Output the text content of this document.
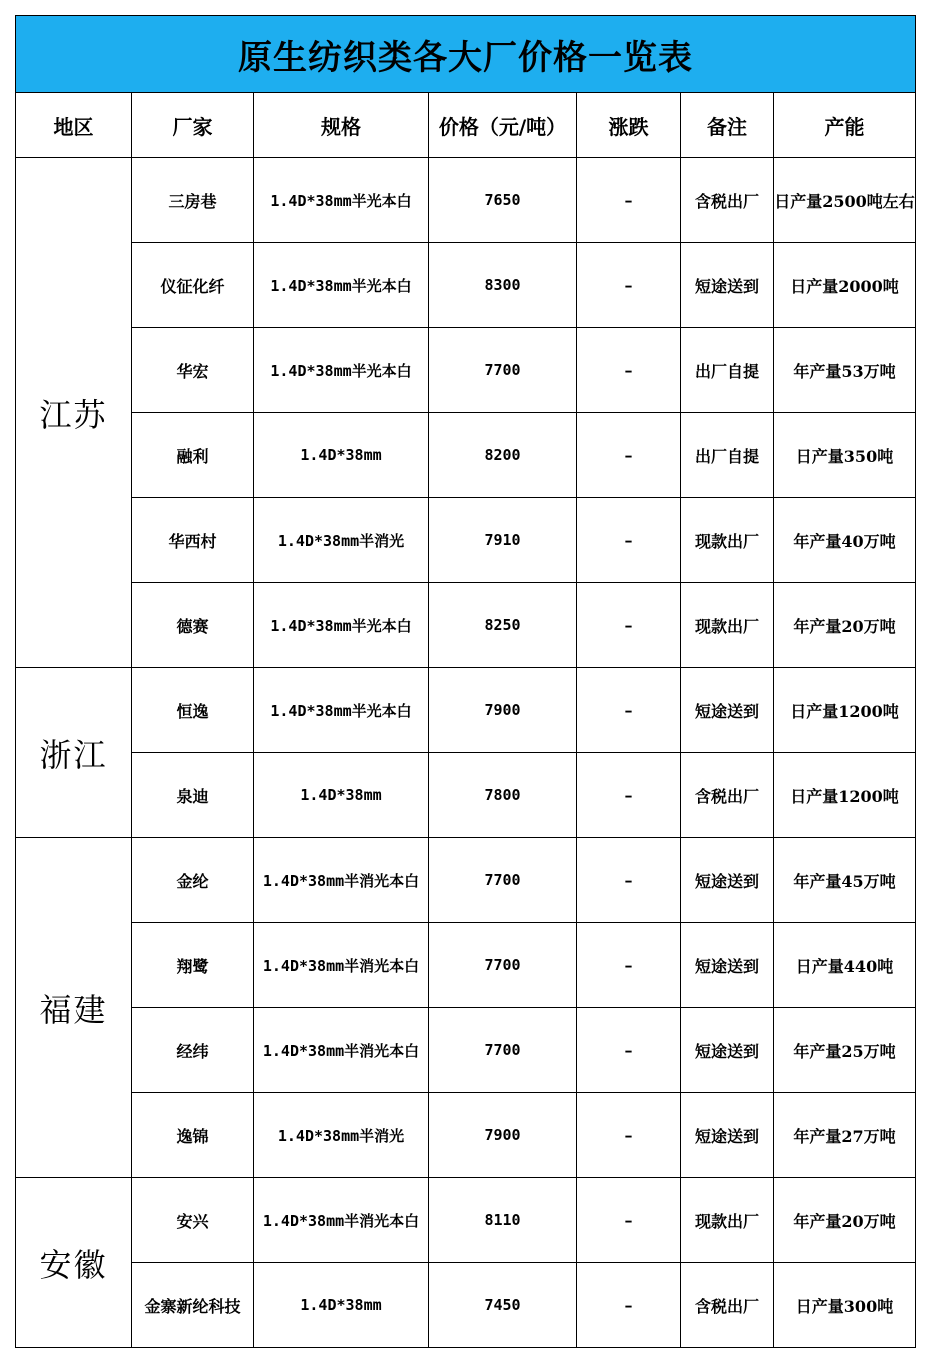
原生纺织类各大厂价格一览表						
地区	厂家	规格	价格（元/吨）	涨跌	备注	产能
江苏	三房巷	1.4D*38mm半光本白	7650	–	含税出厂	日产量2500吨左右
	仪征化纤	1.4D*38mm半光本白	8300	–	短途送到	日产量2000吨
	华宏	1.4D*38mm半光本白	7700	–	出厂自提	年产量53万吨
	融利	1.4D*38mm	8200	–	出厂自提	日产量350吨
	华西村	1.4D*38mm半消光	7910	–	现款出厂	年产量40万吨
	德赛	1.4D*38mm半光本白	8250	–	现款出厂	年产量20万吨
浙江	恒逸	1.4D*38mm半光本白	7900	–	短途送到	日产量1200吨
	泉迪	1.4D*38mm	7800	–	含税出厂	日产量1200吨
福建	金纶	1.4D*38mm半消光本白	7700	–	短途送到	年产量45万吨
	翔鹭	1.4D*38mm半消光本白	7700	–	短途送到	日产量440吨
	经纬	1.4D*38mm半消光本白	7700	–	短途送到	年产量25万吨
	逸锦	1.4D*38mm半消光	7900	–	短途送到	年产量27万吨
安徽	安兴	1.4D*38mm半消光本白	8110	–	现款出厂	年产量20万吨
	金寨新纶科技	1.4D*38mm	7450	–	含税出厂	日产量300吨
